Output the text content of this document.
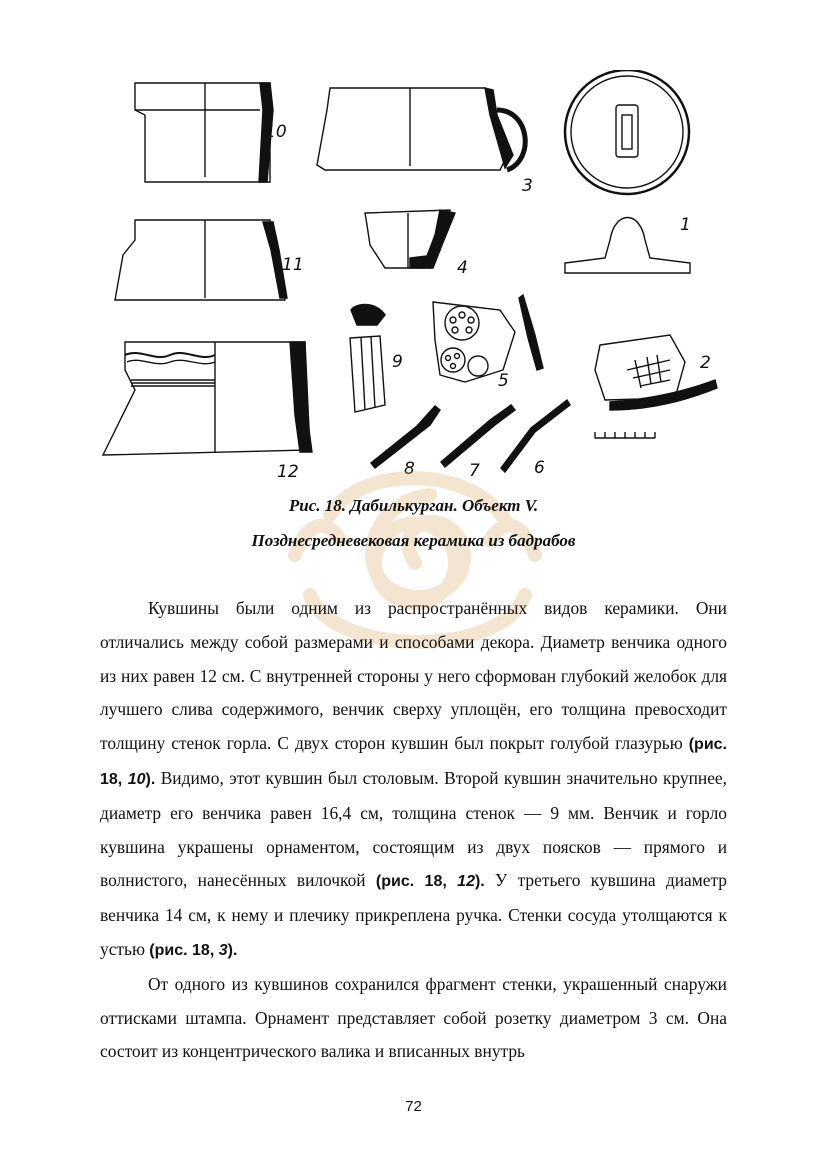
10
3
1
11	4
9
5
2
12	8	7	6
Рис. 18. Дабилькурган. Объект V.
Позднесредневековая керамика из бадрабов

Кувшины были одним из распространённых видов керамики. Они отличались между собой размерами и способами декора. Диаметр венчика одного из них равен 12 см. С внутренней стороны у него сформован глубокий желобок для лучшего слива содержимого, венчик сверху уплощён, его толщина превосходит толщину стенок горла. С двух сторон кувшин был покрыт голубой глазурью (рис. 18, 10). Видимо, этот кувшин был столовым. Второй кувшин значительно крупнее, диаметр его венчика равен 16,4 см, толщина стенок — 9 мм. Венчик и горло кувшина украшены орнаментом, состоящим из двух поясков — прямого и волнистого, нанесённых вилочкой (рис. 18, 12). У третьего кувшина диаметр венчика 14 см, к нему и плечику прикреплена ручка. Стенки сосуда утолщаются к устью (рис. 18, 3).

От одного из кувшинов сохранился фрагмент стенки, украшенный снаружи оттисками штампа. Орнамент представляет собой розетку диаметром 3 см. Она состоит из концентрического валика и вписанных внутрь

72
